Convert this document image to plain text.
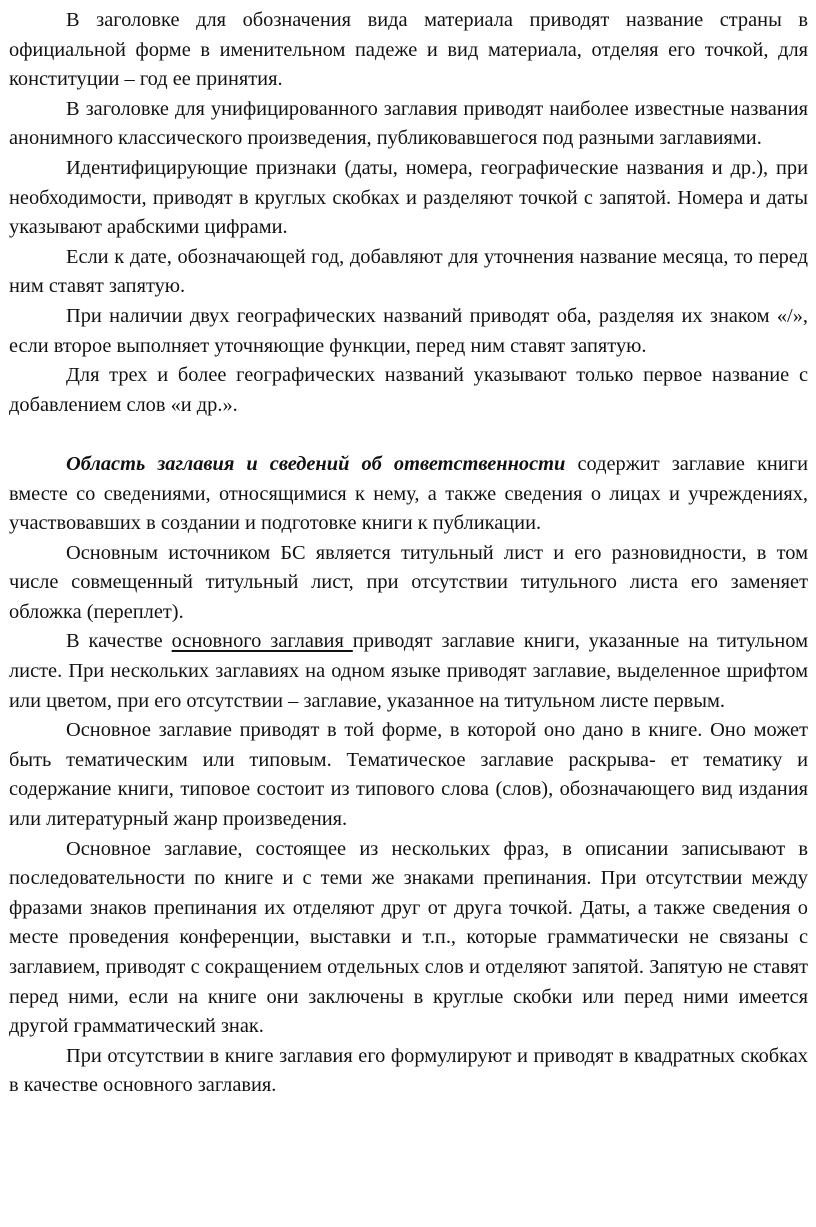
В заголовке для обозначения вида материала приводят название страны в официальной форме в именительном падеже и вид материала, отделяя его точкой, для конституции – год ее принятия.

В заголовке для унифицированного заглавия приводят наиболее известные названия анонимного классического произведения, публиковавшегося под разными заглавиями.

Идентифицирующие признаки (даты, номера, географические названия и др.), при необходимости, приводят в круглых скобках и разделяют точкой с запятой. Номера и даты указывают арабскими цифрами.

Если к дате, обозначающей год, добавляют для уточнения название месяца, то перед ним ставят запятую.

При наличии двух географических названий приводят оба, разделяя их знаком «/», если второе выполняет уточняющие функции, перед ним ставят запятую.

Для трех и более географических названий указывают только первое название с добавлением слов «и др.».

Область заглавия и сведений об ответственности содержит заглавие книги вместе со сведениями, относящимися к нему, а также сведения о лицах и учреждениях, участвовавших в создании и подготовке книги к публикации.

Основным источником БС является титульный лист и его разновидности, в том числе совмещенный титульный лист, при отсутствии титульного листа его заменяет обложка (переплет).

В качестве основного заглавия приводят заглавие книги, указанные на титульном листе. При нескольких заглавиях на одном языке приводят заглавие, выделенное шрифтом или цветом, при его отсутствии – заглавие, указанное на титульном листе первым.

Основное заглавие приводят в той форме, в которой оно дано в книге. Оно может быть тематическим или типовым. Тематическое заглавие раскрыва- ет тематику и содержание книги, типовое состоит из типового слова (слов), обозначающего вид издания или литературный жанр произведения.

Основное заглавие, состоящее из нескольких фраз, в описании записывают в последовательности по книге и с теми же знаками препинания. При отсутствии между фразами знаков препинания их отделяют друг от друга точкой. Даты, а также сведения о месте проведения конференции, выставки и т.п., которые грамматически не связаны с заглавием, приводят с сокращением отдельных слов и отделяют запятой. Запятую не ставят перед ними, если на книге они заключены в круглые скобки или перед ними имеется другой грамматический знак.

При отсутствии в книге заглавия его формулируют и приводят в квадратных скобках в качестве основного заглавия.
